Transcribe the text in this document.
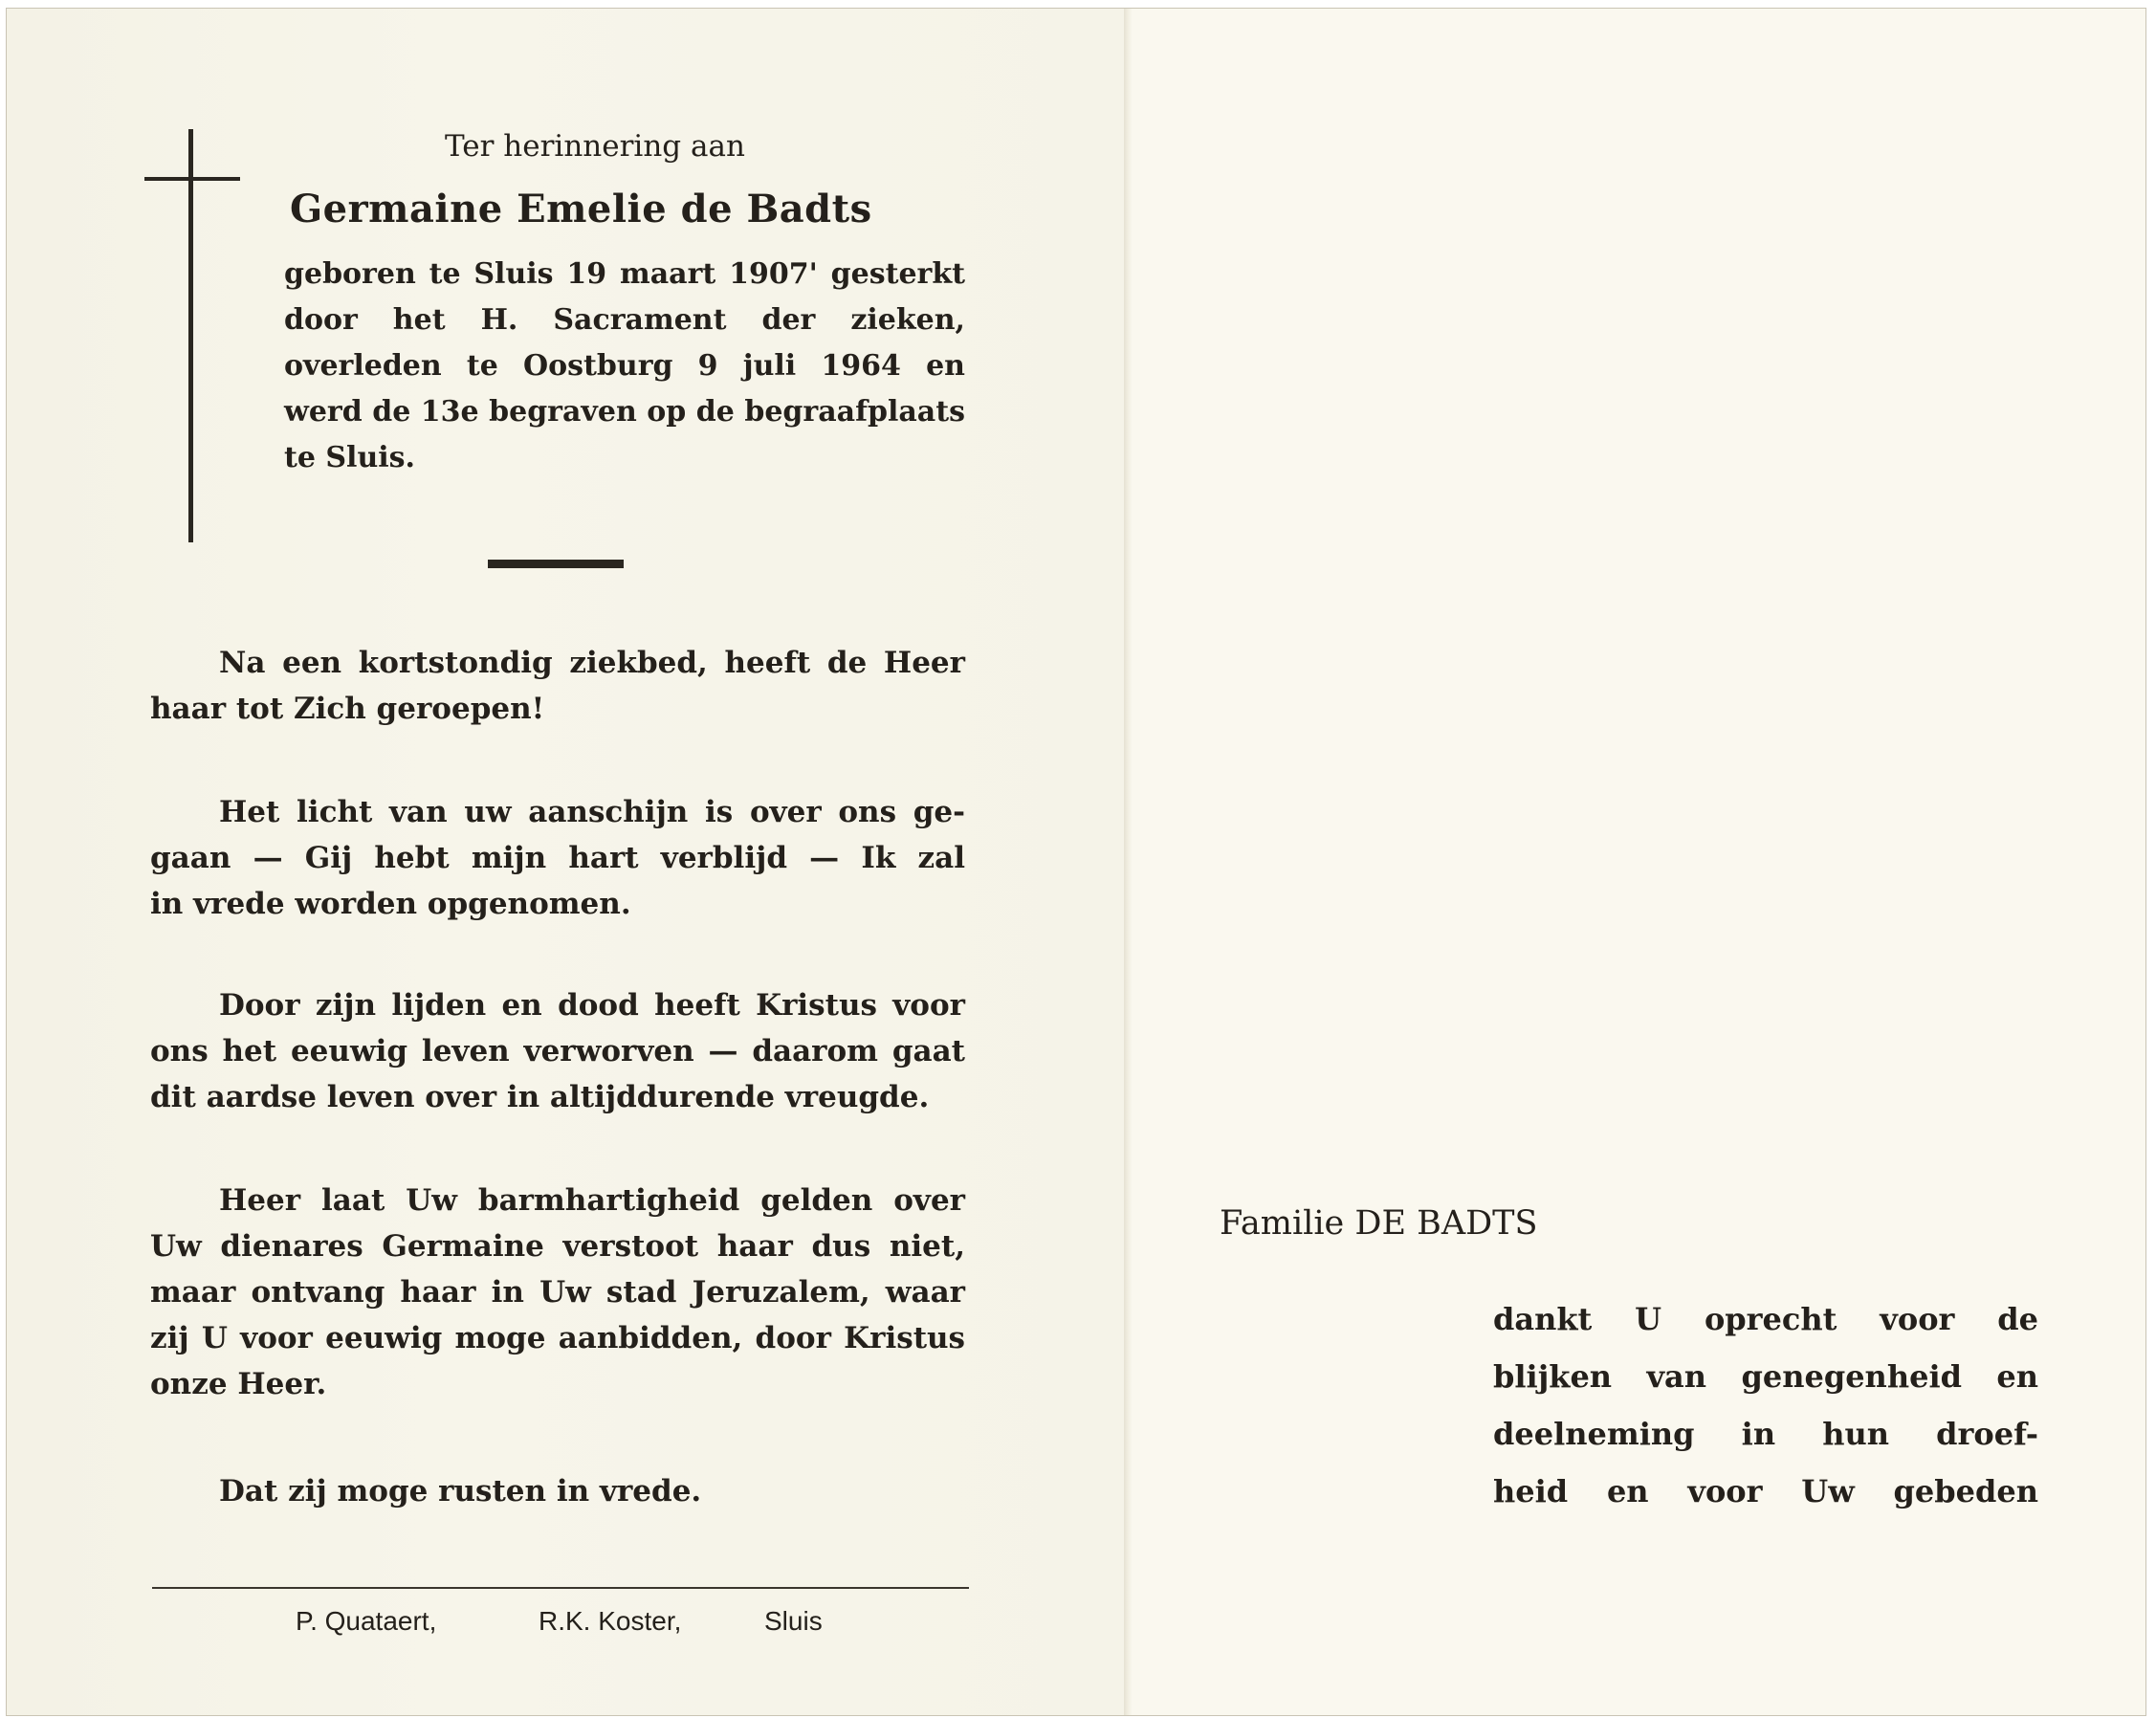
Ter herinnering aan
Germaine Emelie de Badts
geboren te Sluis 19 maart 1907' gesterkt
door het H. Sacrament der zieken,
overleden te Oostburg 9 juli 1964 en
werd de 13e begraven op de begraafplaats
te Sluis.
Na een kortstondig ziekbed, heeft de Heer
haar tot Zich geroepen!
Het licht van uw aanschijn is over ons ge-
gaan — Gij hebt mijn hart verblijd — Ik zal
in vrede worden opgenomen.
Door zijn lijden en dood heeft Kristus voor
ons het eeuwig leven verworven — daarom gaat
dit aardse leven over in altijddurende vreugde.
Heer laat Uw barmhartigheid gelden over
Uw dienares Germaine verstoot haar dus niet,
maar ontvang haar in Uw stad Jeruzalem, waar
zij U voor eeuwig moge aanbidden, door Kristus
onze Heer.
Dat zij moge rusten in vrede.
P. Quataert,	R.K. Koster,	Sluis
Familie DE BADTS
dankt U oprecht voor de
blijken van genegenheid en
deelneming in hun droef-
heid en voor Uw gebeden
